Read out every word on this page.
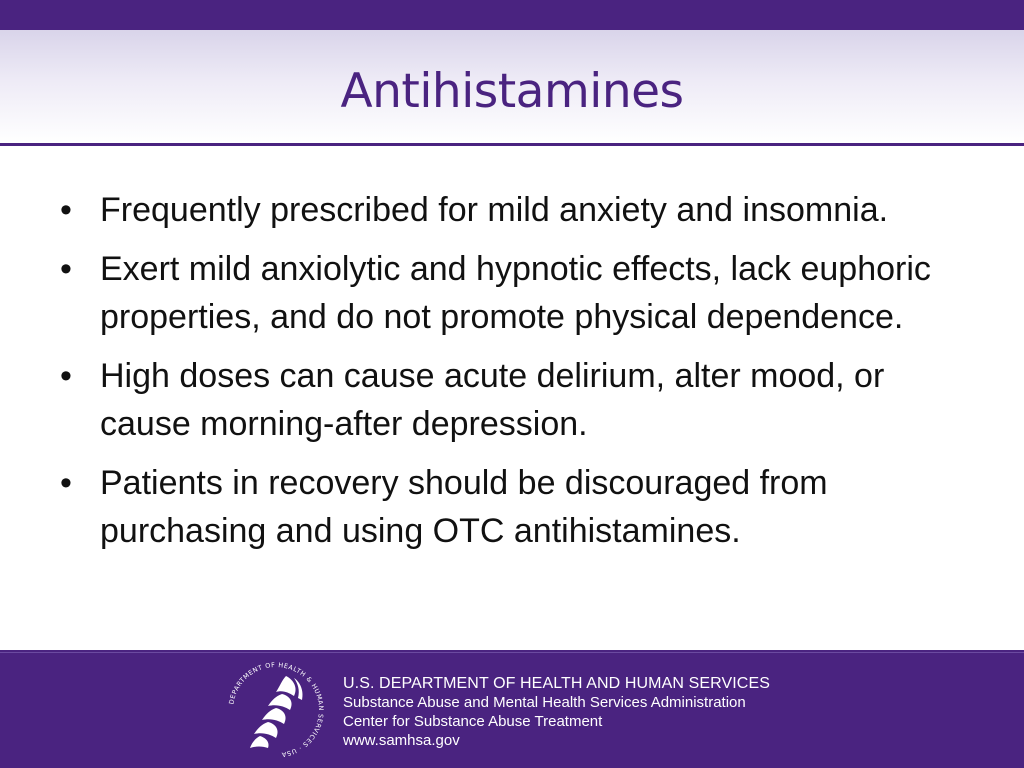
Antihistamines
• Frequently prescribed for mild anxiety and insomnia.
• Exert mild anxiolytic and hypnotic effects, lack euphoric properties, and do not promote physical dependence.
• High doses can cause acute delirium, alter mood, or cause morning-after depression.
• Patients in recovery should be discouraged from purchasing and using OTC antihistamines.
DEPARTMENT OF HEALTH & HUMAN SERVICES · USA
U.S. DEPARTMENT OF HEALTH AND HUMAN SERVICES
Substance Abuse and Mental Health Services Administration
Center for Substance Abuse Treatment
www.samhsa.gov
